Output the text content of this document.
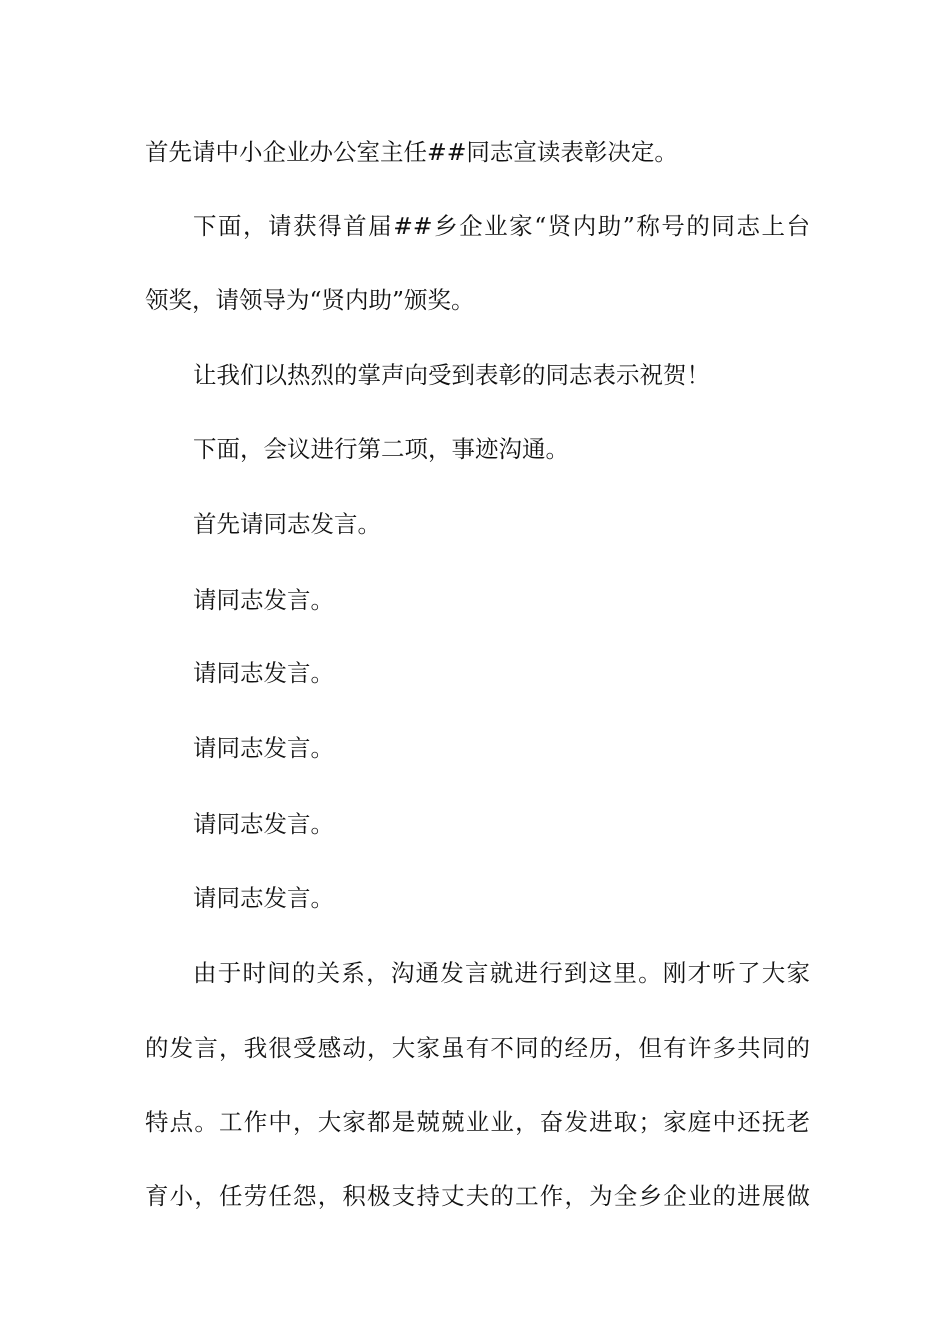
首先请中小企业办公室主任##同志宣读表彰决定。
下面，请获得首届##乡企业家“贤内助”称号的同志上台
领奖，请领导为“贤内助”颁奖。
让我们以热烈的掌声向受到表彰的同志表示祝贺！
下面，会议进行第二项，事迹沟通。
首先请同志发言。
请同志发言。
请同志发言。
请同志发言。
请同志发言。
请同志发言。
由于时间的关系，沟通发言就进行到这里。刚才听了大家
的发言，我很受感动，大家虽有不同的经历，但有许多共同的
特点。工作中，大家都是兢兢业业，奋发进取；家庭中还抚老
育小，任劳任怨，积极支持丈夫的工作，为全乡企业的进展做
